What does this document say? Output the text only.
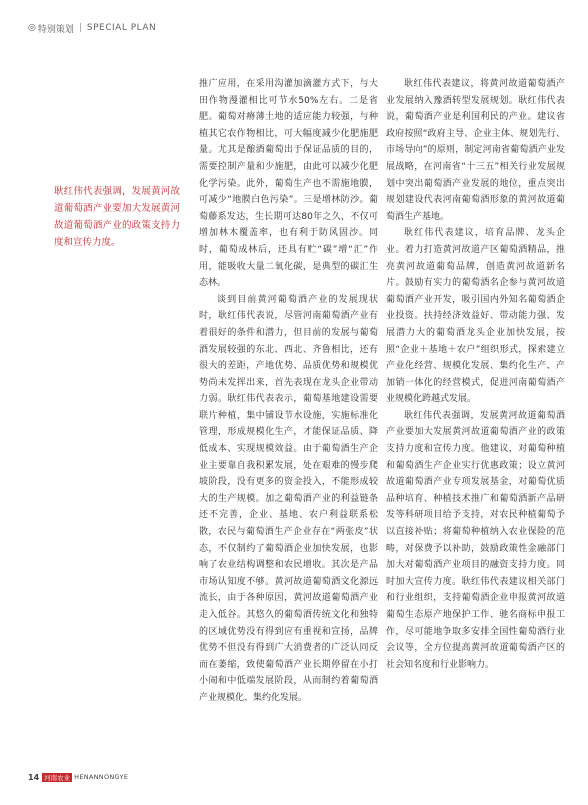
◎ 特别策划 | SPECIAL PLAN
耿红伟代表强调，发展黄河故道葡萄酒产业要加大发展黄河故道葡萄酒产业的政策支持力度和宣传力度。

推广应用，在采用沟灌加滴灌方式下，与大田作物漫灌相比可节水50%左右。二是省肥。葡萄对瘠薄土地的适应能力较强，与种植其它农作物相比，可大幅度减少化肥施肥量。尤其是酿酒葡萄出于保证品质的目的，需要控制产量和少施肥，由此可以减少化肥化学污染。此外，葡萄生产也不需施地膜，可减少“地膜白色污染”。三是增林防沙。葡萄藤系发达，生长期可达80年之久，不仅可增加林木覆盖率，也有利于防风固沙。同时，葡萄成林后，还具有贮“碳”增“汇”作用，能吸收大量二氧化碳，是典型的碳汇生态林。

谈到目前黄河葡萄酒产业的发展现状时，耿红伟代表说，尽管河南葡萄酒产业有着很好的条件和潜力，但目前的发展与葡萄酒发展较强的东北、西北、齐鲁相比，还有很大的差距，产地优势、品质优势和规模优势尚未发挥出来，首先表现在龙头企业带动力弱。耿红伟代表表示，葡萄基地建设需要联片种植，集中铺设节水设施，实施标准化管理，形成规模化生产，才能保证品质、降低成本、实现规模效益。由于葡萄酒生产企业主要靠自我积累发展，处在艰难的慢步爬坡阶段，没有更多的资金投入，不能形成较大的生产规模。加之葡萄酒产业的利益链条还不完善，企业、基地、农户利益联系松散，农民与葡萄酒生产企业存在“两张皮”状态，不仅制约了葡萄酒企业加快发展，也影响了农业结构调整和农民增收。其次是产品市场认知度不够。黄河故道葡萄酒文化源远流长，由于各种原因，黄河故道葡萄酒产业走入低谷。其悠久的葡萄酒传统文化和独特的区域优势没有得到应有重视和宣扬，品牌优势不但没有得到广大消费者的广泛认同反而在萎缩，致使葡萄酒产业长期停留在小打小闹和中低端发展阶段，从而制约着葡萄酒产业规模化、集约化发展。

耿红伟代表建议，将黄河故道葡萄酒产业发展纳入豫酒转型发展规划。耿红伟代表说，葡萄酒产业是利国利民的产业。建议省政府按照“政府主导、企业主体、规划先行、市场导向”的原则，制定河南省葡萄酒产业发展战略，在河南省“十三五”相关行业发展规划中突出葡萄酒产业发展的地位，重点突出规划建设代表河南葡萄酒形象的黄河故道葡萄酒生产基地。

耿红伟代表建议，培育品牌、龙头企业。着力打造黄河故道产区葡萄酒精品，推亮黄河故道葡萄品牌，创造黄河故道新名片。鼓励有实力的葡萄酒名企参与黄河故道葡萄酒产业开发，吸引国内外知名葡萄酒企业投资。扶持经济效益好、带动能力强、发展潜力大的葡萄酒龙头企业加快发展，按照“企业＋基地＋农户”组织形式，探索建立产业化经营、规模化发展、集约化生产、产加销一体化的经营模式，促进河南葡萄酒产业规模化跨越式发展。

耿红伟代表强调，发展黄河故道葡萄酒产业要加大发展黄河故道葡萄酒产业的政策支持力度和宣传力度。他建议，对葡萄种植和葡萄酒生产企业实行优惠政策；设立黄河故道葡萄酒产业专项发展基金，对葡萄优质品种培育、种植技术推广和葡萄酒新产品研发等科研项目给予支持，对农民种植葡萄予以直接补贴；将葡萄种植纳入农业保险的范畴，对保费予以补助，鼓励政策性金融部门加大对葡萄酒产业项目的融资支持力度。同时加大宣传力度。耿红伟代表建议相关部门和行业组织，支持葡萄酒企业申报黄河故道葡萄生态原产地保护工作、驰名商标申报工作，尽可能地争取多安排全国性葡萄酒行业会议等，全方位提高黄河故道葡萄酒产区的社会知名度和行业影响力。

14 河南农业 HENANNONGYE
